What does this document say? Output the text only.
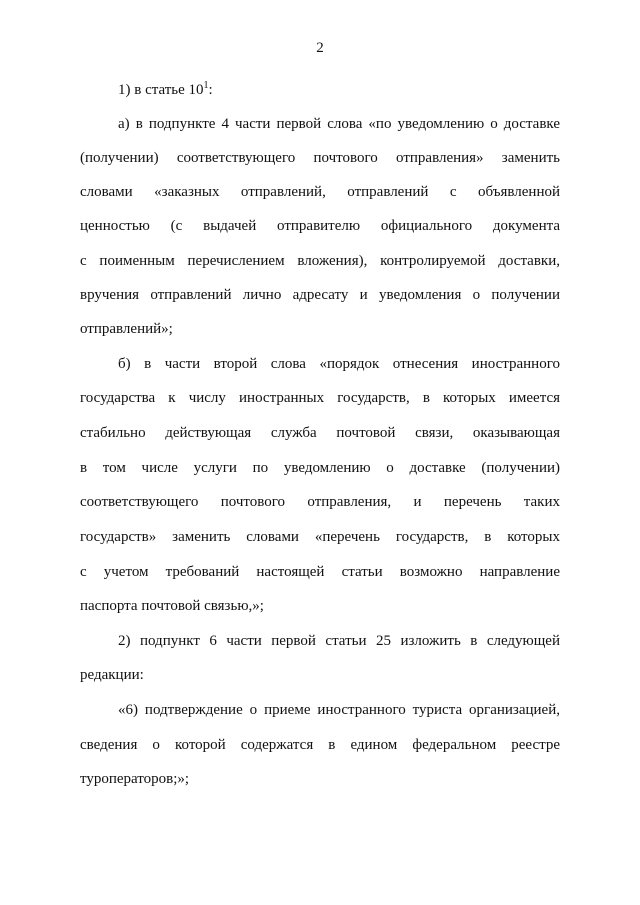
2
1) в статье $10^1$:
а) в подпункте 4 части первой слова «по уведомлению о доставке
(получении) соответствующего почтового отправления» заменить
словами «заказных отправлений, отправлений с объявленной
ценностью (с выдачей отправителю официального документа
с поименным перечислением вложения), контролируемой доставки,
вручения отправлений лично адресату и уведомления о получении
отправлений»;
б) в части второй слова «порядок отнесения иностранного
государства к числу иностранных государств, в которых имеется
стабильно действующая служба почтовой связи, оказывающая
в том числе услуги по уведомлению о доставке (получении)
соответствующего почтового отправления, и перечень таких
государств» заменить словами «перечень государств, в которых
с учетом требований настоящей статьи возможно направление
паспорта почтовой связью,»;
2) подпункт 6 части первой статьи 25 изложить в следующей
редакции:
«6) подтверждение о приеме иностранного туриста организацией,
сведения о которой содержатся в едином федеральном реестре
туроператоров;»;
